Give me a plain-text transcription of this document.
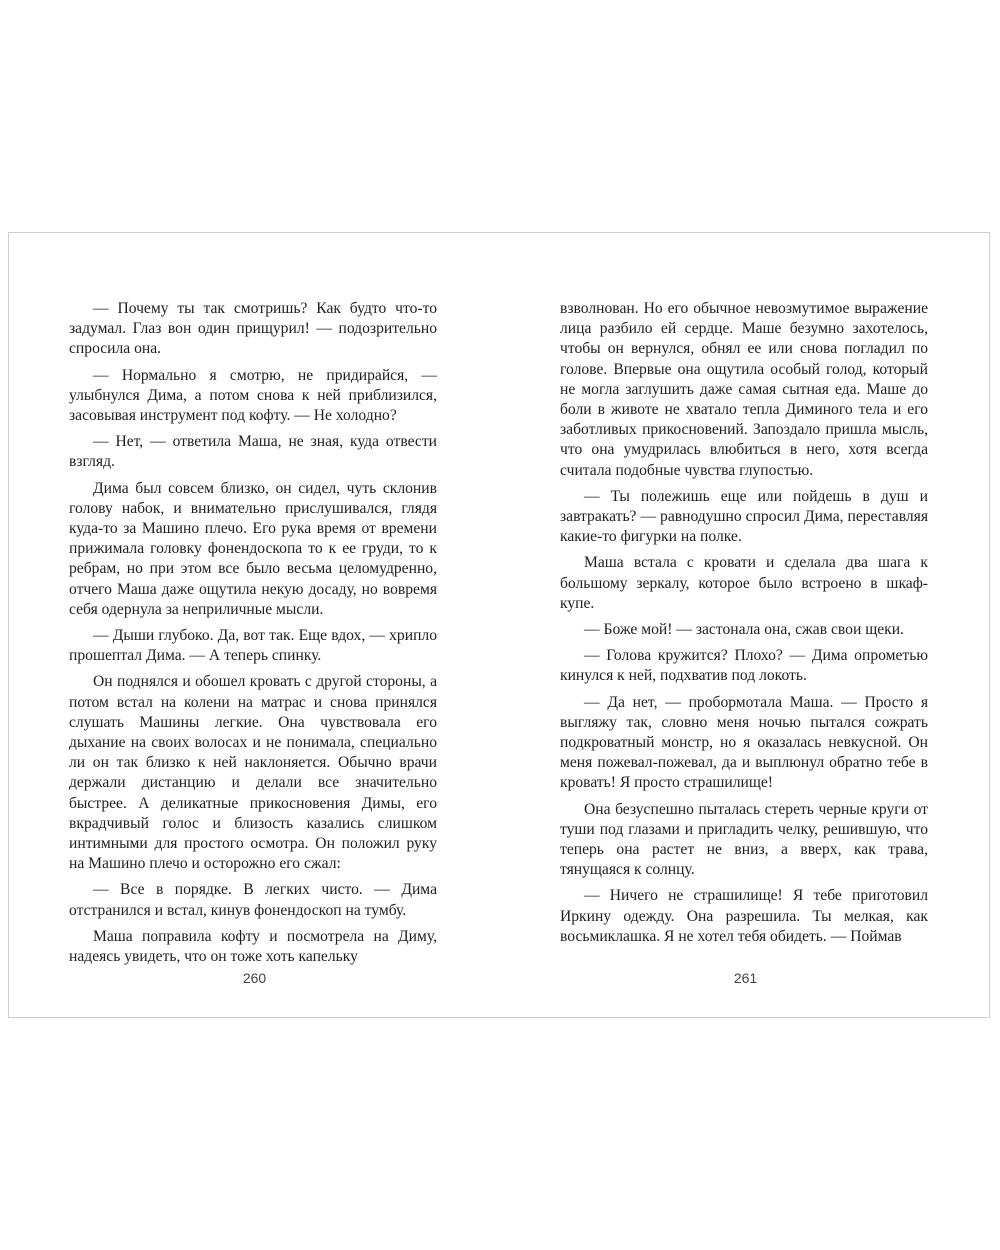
— Почему ты так смотришь? Как будто что-то задумал. Глаз вон один прищурил! — подозрительно спросила она.

— Нормально я смотрю, не придирайся, — улыбнулся Дима, а потом снова к ней приблизился, засовывая инструмент под кофту. — Не холодно?

— Нет, — ответила Маша, не зная, куда отвести взгляд.

Дима был совсем близко, он сидел, чуть склонив голову набок, и внимательно прислушивался, глядя куда-то за Машино плечо. Его рука время от времени прижимала головку фонендоскопа то к ее груди, то к ребрам, но при этом все было весьма целомудренно, отчего Маша даже ощутила некую досаду, но вовремя себя одернула за неприличные мысли.

— Дыши глубоко. Да, вот так. Еще вдох, — хрипло прошептал Дима. — А теперь спинку.

Он поднялся и обошел кровать с другой стороны, а потом встал на колени на матрас и снова принялся слушать Машины легкие. Она чувствовала его дыхание на своих волосах и не понимала, специально ли он так близко к ней наклоняется. Обычно врачи держали дистанцию и делали все значительно быстрее. А деликатные прикосновения Димы, его вкрадчивый голос и близость казались слишком интимными для простого осмотра. Он положил руку на Машино плечо и осторожно его сжал:

— Все в порядке. В легких чисто. — Дима отстранился и встал, кинув фонендоскоп на тумбу.

Маша поправила кофту и посмотрела на Диму, надеясь увидеть, что он тоже хоть капельку

260

взволнован. Но его обычное невозмутимое выражение лица разбило ей сердце. Маше безумно захотелось, чтобы он вернулся, обнял ее или снова погладил по голове. Впервые она ощутила особый голод, который не могла заглушить даже самая сытная еда. Маше до боли в животе не хватало тепла Диминого тела и его заботливых прикосновений. Запоздало пришла мысль, что она умудрилась влюбиться в него, хотя всегда считала подобные чувства глупостью.

— Ты полежишь еще или пойдешь в душ и завтракать? — равнодушно спросил Дима, переставляя какие-то фигурки на полке.

Маша встала с кровати и сделала два шага к большому зеркалу, которое было встроено в шкаф-купе.

— Боже мой! — застонала она, сжав свои щеки.

— Голова кружится? Плохо? — Дима опрометью кинулся к ней, подхватив под локоть.

— Да нет, — пробормотала Маша. — Просто я выгляжу так, словно меня ночью пытался сожрать подкроватный монстр, но я оказалась невкусной. Он меня пожевал-пожевал, да и выплюнул обратно тебе в кровать! Я просто страшилище!

Она безуспешно пыталась стереть черные круги от туши под глазами и пригладить челку, решившую, что теперь она растет не вниз, а вверх, как трава, тянущаяся к солнцу.

— Ничего не страшилище! Я тебе приготовил Иркину одежду. Она разрешила. Ты мелкая, как восьмиклашка. Я не хотел тебя обидеть. — Поймав

261
